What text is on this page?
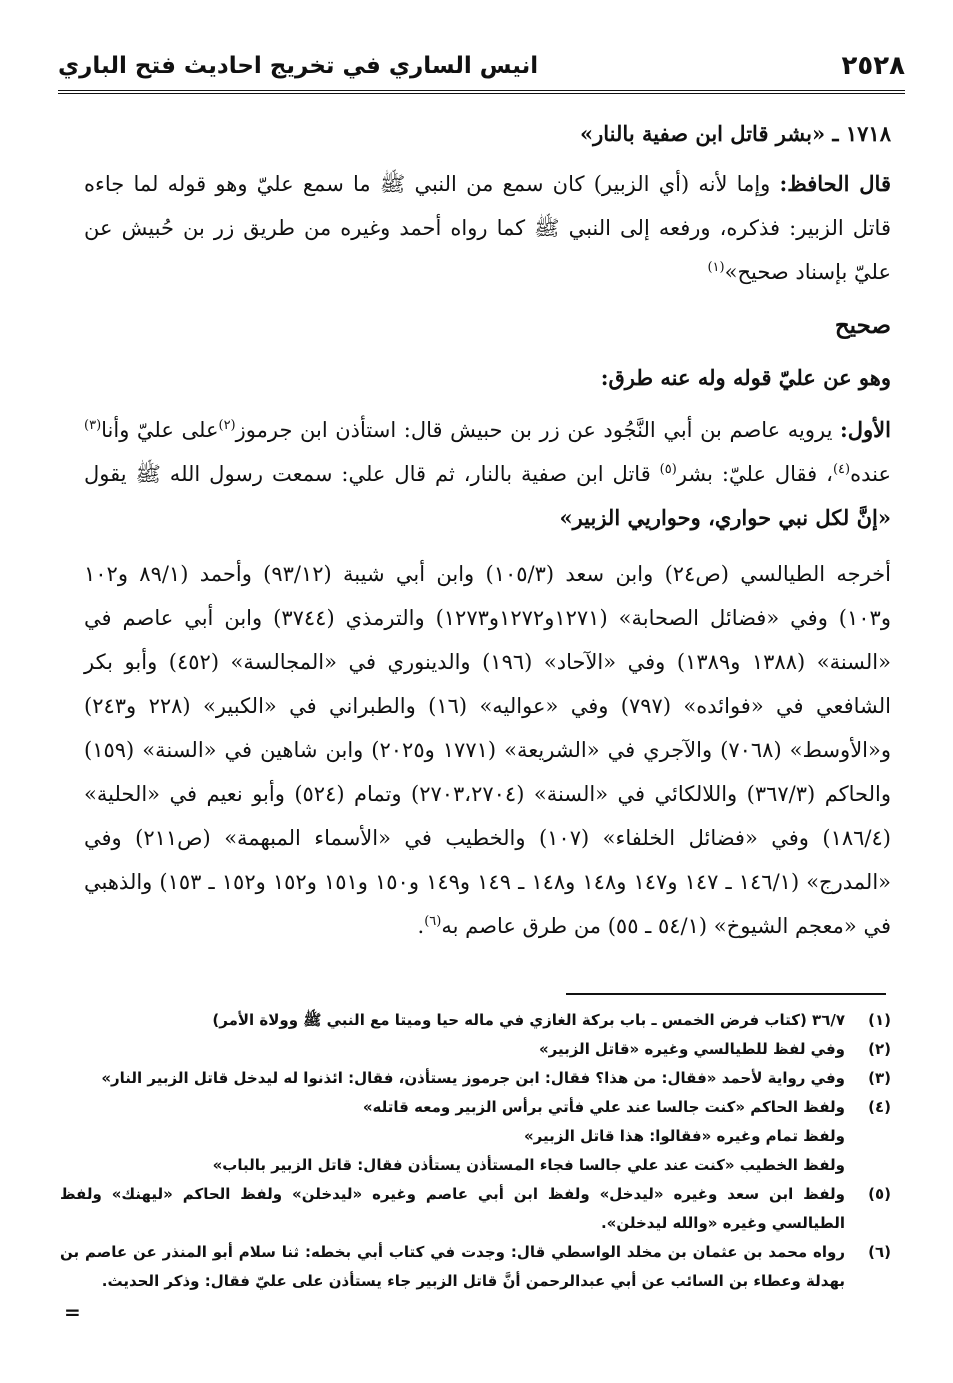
٢٥٢٨
انيس الساري في تخريج احاديث فتح الباري

١٧١٨ ـ «بشر قاتل ابن صفية بالنار»

قال الحافظ: وإما لأنه (أي الزبير) كان سمع من النبي ﷺ ما سمع عليّ وهو قوله لما جاءه قاتل الزبير: فذكره، ورفعه إلى النبي ﷺ كما رواه أحمد وغيره من طريق زر بن حُبيش عن عليّ بإسناد صحيح»$^{(١)}$

صحيح

وهو عن عليّ قوله وله عنه طرق:

الأول: يرويه عاصم بن أبي النَّجُود عن زر بن حبيش قال: استأذن ابن جرموز$^{(٢)}$على عليّ وأنا$^{(٣)}$ عنده$^{(٤)}$، فقال عليّ: بشر$^{(٥)}$ قاتل ابن صفية بالنار، ثم قال علي: سمعت رسول الله ﷺ يقول «إنَّ لكل نبي حواري، وحواريي الزبير»

أخرجه الطيالسي (ص٢٤) وابن سعد (١٠٥/٣) وابن أبي شيبة (٩٣/١٢) وأحمد (٨٩/١ و١٠٢ و١٠٣) وفي «فضائل الصحابة» (١٢٧١و١٢٧٢و١٢٧٣) والترمذي (٣٧٤٤) وابن أبي عاصم في «السنة» (١٣٨٨ و١٣٨٩) وفي «الآحاد» (١٩٦) والدينوري في «المجالسة» (٤٥٢) وأبو بكر الشافعي في «فوائده» (٧٩٧) وفي «عواليه» (١٦) والطبراني في «الكبير» (٢٢٨ و٢٤٣) و«الأوسط» (٧٠٦٨) والآجري في «الشريعة» (١٧٧١ و٢٠٢٥) وابن شاهين في «السنة» (١٥٩) والحاكم (٣٦٧/٣) واللالكائي في «السنة» (٢٧٠٣،٢٧٠٤) وتمام (٥٢٤) وأبو نعيم في «الحلية» (١٨٦/٤) وفي «فضائل الخلفاء» (١٠٧) والخطيب في «الأسماء المبهمة» (ص٢١١) وفي «المدرج» (١٤٦/١ ـ ١٤٧ و١٤٧ و١٤٨ و١٤٨ ـ ١٤٩ و١٤٩ و١٥٠ و١٥١ و١٥٢ و١٥٢ ـ ١٥٣) والذهبي في «معجم الشيوخ» (٥٤/١ ـ ٥٥) من طرق عاصم به$^{(٦)}$.

(١)
٣٦/٧ (كتاب فرض الخمس ـ باب بركة الغازي في ماله حيا وميتا مع النبي ﷺ وولاة الأمر)
(٢)
وفي لفظ للطيالسي وغيره «قاتل الزبير»
(٣)
وفي رواية لأحمد «فقال: من هذا؟ فقال: ابن جرموز يستأذن، فقال: ائذنوا له ليدخل قاتل الزبير النار»
(٤)
ولفظ الحاكم «كنت جالسا عند علي فأتي برأس الزبير ومعه قاتله»
ولفظ تمام وغيره «فقالوا: هذا قاتل الزبير»
ولفظ الخطيب «كنت عند علي جالسا فجاء المستأذن يستأذن فقال: قاتل الزبير بالباب»
(٥)
ولفظ ابن سعد وغيره «ليدخل» ولفظ ابن أبي عاصم وغيره «ليدخلن» ولفظ الحاكم «ليهنك» ولفظ الطيالسي وغيره «والله ليدخلن».
(٦)
رواه محمد بن عثمان بن مخلد الواسطي قال: وجدت في كتاب أبي بخطه: ثنا سلام أبو المنذر عن عاصم بن بهدلة وعطاء بن السائب عن أبي عبدالرحمن أنَّ قاتل الزبير جاء يستأذن على عليّ فقال: وذكر الحديث.
=
